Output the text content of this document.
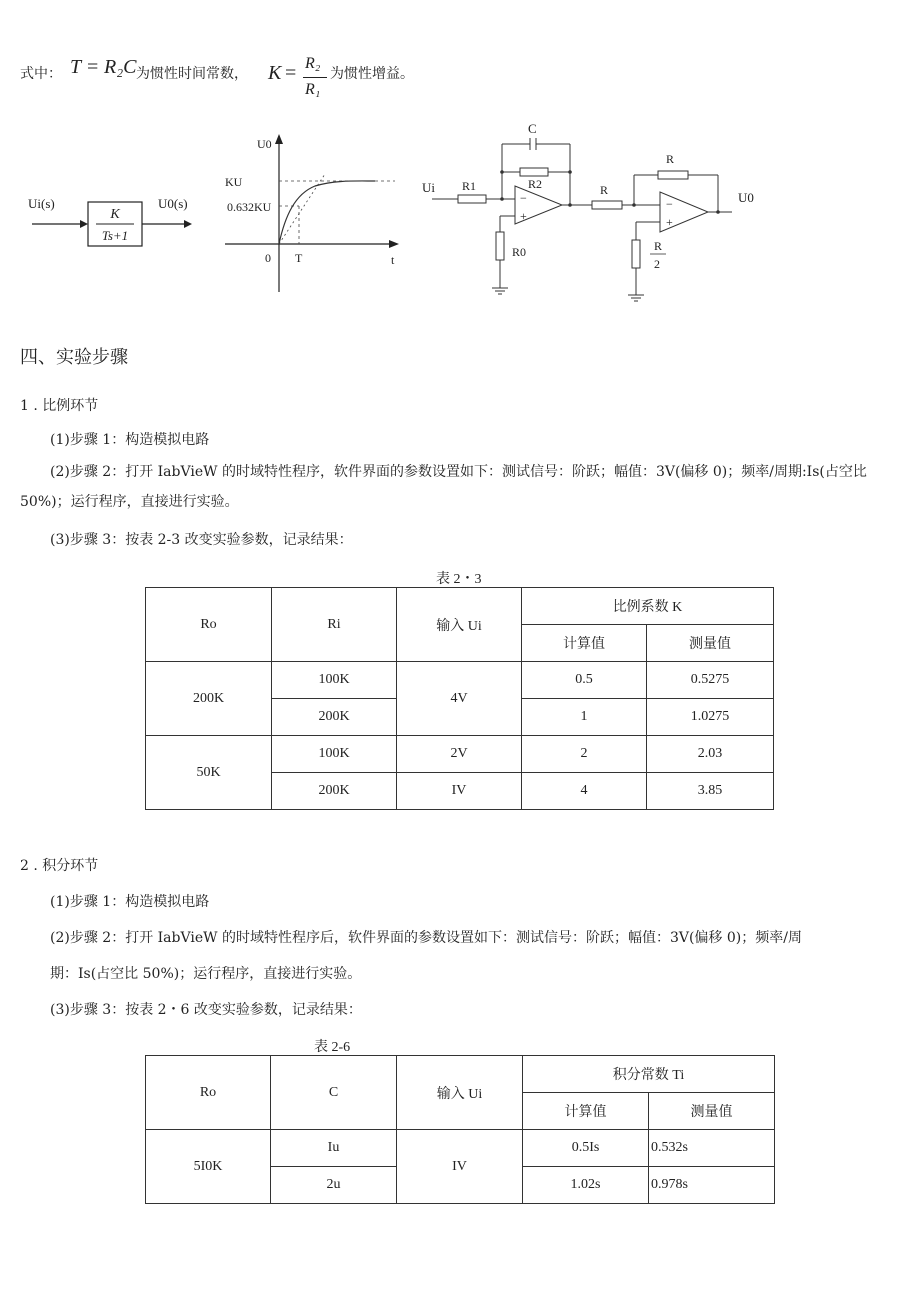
式中： T = R₂C 为惯性时间常数， K = R₂
R₁
为惯性增益。
Ui(s)
K
Ts+1
U0(s)
U0
t
0
KU
0.632KU
T
C
R2
R1
Ui
R0
R
R
R
2
U0
−
+
−
+
四、实验步骤
1 . 比例环节
(1)步骤 1：构造模拟电路
(2)步骤 2：打开 IabVieW 的时域特性程序，软件界面的参数设置如下：测试信号：阶跃；幅值：3V(偏移 0)；频率/周期:Is(占空比
50%)；运行程序，直接进行实验。
(3)步骤 3：按表 2-3 改变实验参数，记录结果：
表 2・3
Ro	Ri	输入 Ui	比例系数 K	
			计算值	测量值
200K	100K	4V	0.5	0.5275
	200K		1	1.0275
50K	100K	2V	2	2.03
	200K	IV	4	3.85
2 . 积分环节
(1)步骤 1：构造模拟电路
(2)步骤 2：打开 IabVieW 的时域特性程序后，软件界面的参数设置如下：测试信号：阶跃；幅值：3V(偏移 0)；频率/周
期：Is(占空比 50%)；运行程序，直接进行实验。
(3)步骤 3：按表 2・6 改变实验参数，记录结果：
表 2-6
Ro	C	输入 Ui	积分常数 Ti	
			计算值	测量值
5I0K	Iu	IV	0.5Is	0.532s
	2u		1.02s	0.978s
